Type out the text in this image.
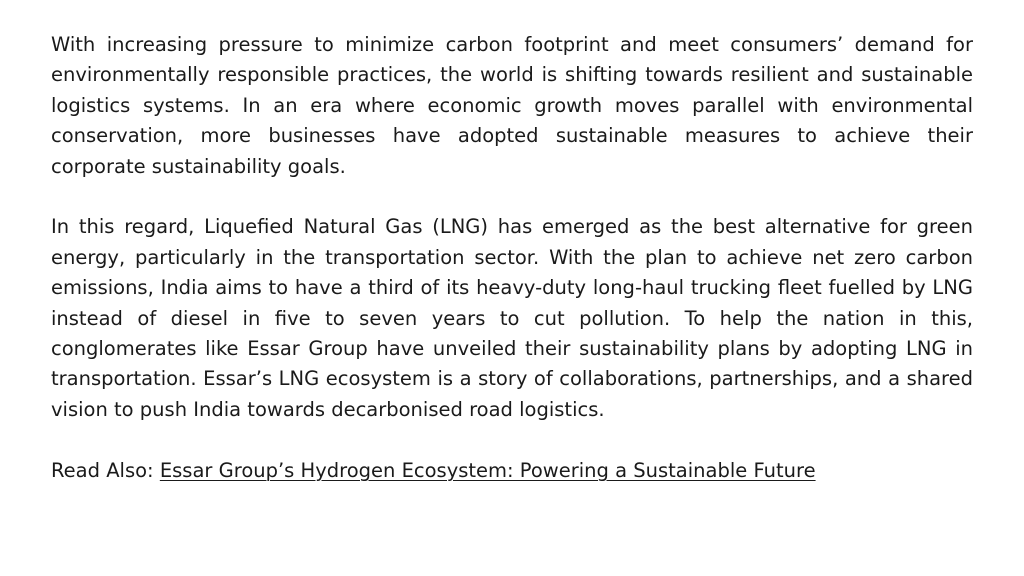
With increasing pressure to minimize carbon footprint and meet consumers’ demand for environmentally responsible practices, the world is shifting towards resilient and sustainable logistics systems. In an era where economic growth moves parallel with environmental conservation, more businesses have adopted sustainable measures to achieve their corporate sustainability goals.

In this regard, Liquefied Natural Gas (LNG) has emerged as the best alternative for green energy, particularly in the transportation sector. With the plan to achieve net zero carbon emissions, India aims to have a third of its heavy-duty long-haul trucking fleet fuelled by LNG instead of diesel in five to seven years to cut pollution. To help the nation in this, conglomerates like Essar Group have unveiled their sustainability plans by adopting LNG in transportation. Essar’s LNG ecosystem is a story of collaborations, partnerships, and a shared vision to push India towards decarbonised road logistics.

Read Also: Essar Group’s Hydrogen Ecosystem: Powering a Sustainable Future
